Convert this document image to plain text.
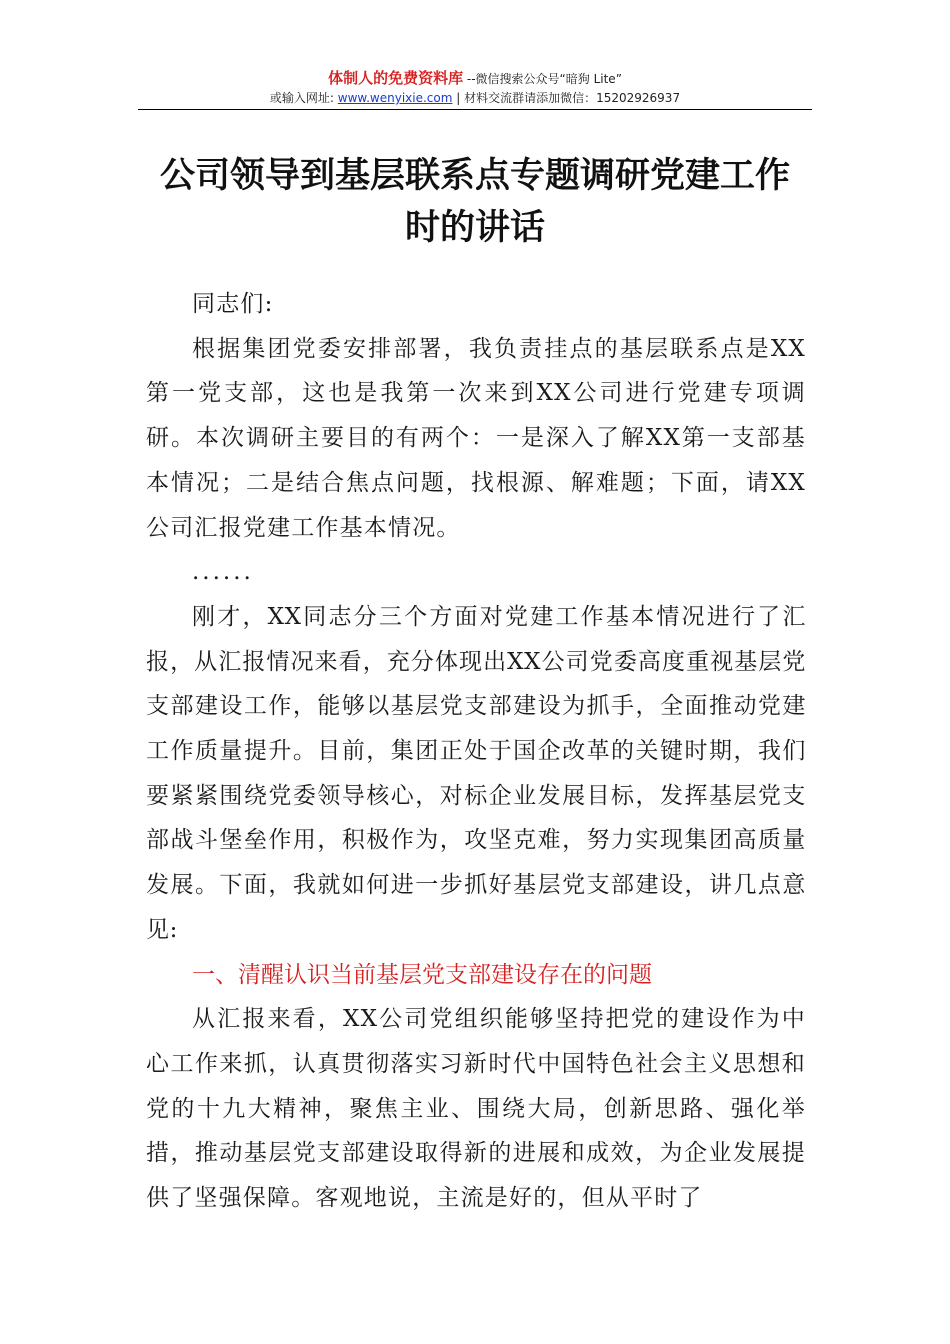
体制人的免费资料库 --微信搜索公众号“暗狗 Lite”
或输入网址: www.wenyixie.com | 材料交流群请添加微信：15202926937
公司领导到基层联系点专题调研党建工作
时的讲话

同志们:

根据集团党委安排部署，我负责挂点的基层联系点是XX第一党支部，这也是我第一次来到XX公司进行党建专项调研。本次调研主要目的有两个：一是深入了解XX第一支部基本情况；二是结合焦点问题，找根源、解难题；下面，请XX公司汇报党建工作基本情况。

......

刚才，XX同志分三个方面对党建工作基本情况进行了汇报，从汇报情况来看，充分体现出XX公司党委高度重视基层党支部建设工作，能够以基层党支部建设为抓手，全面推动党建工作质量提升。目前，集团正处于国企改革的关键时期，我们要紧紧围绕党委领导核心，对标企业发展目标，发挥基层党支部战斗堡垒作用，积极作为，攻坚克难，努力实现集团高质量发展。下面，我就如何进一步抓好基层党支部建设，讲几点意见:

一、清醒认识当前基层党支部建设存在的问题

从汇报来看，XX公司党组织能够坚持把党的建设作为中心工作来抓，认真贯彻落实习新时代中国特色社会主义思想和党的十九大精神，聚焦主业、围绕大局，创新思路、强化举措，推动基层党支部建设取得新的进展和成效，为企业发展提供了坚强保障。客观地说，主流是好的，但从平时了
